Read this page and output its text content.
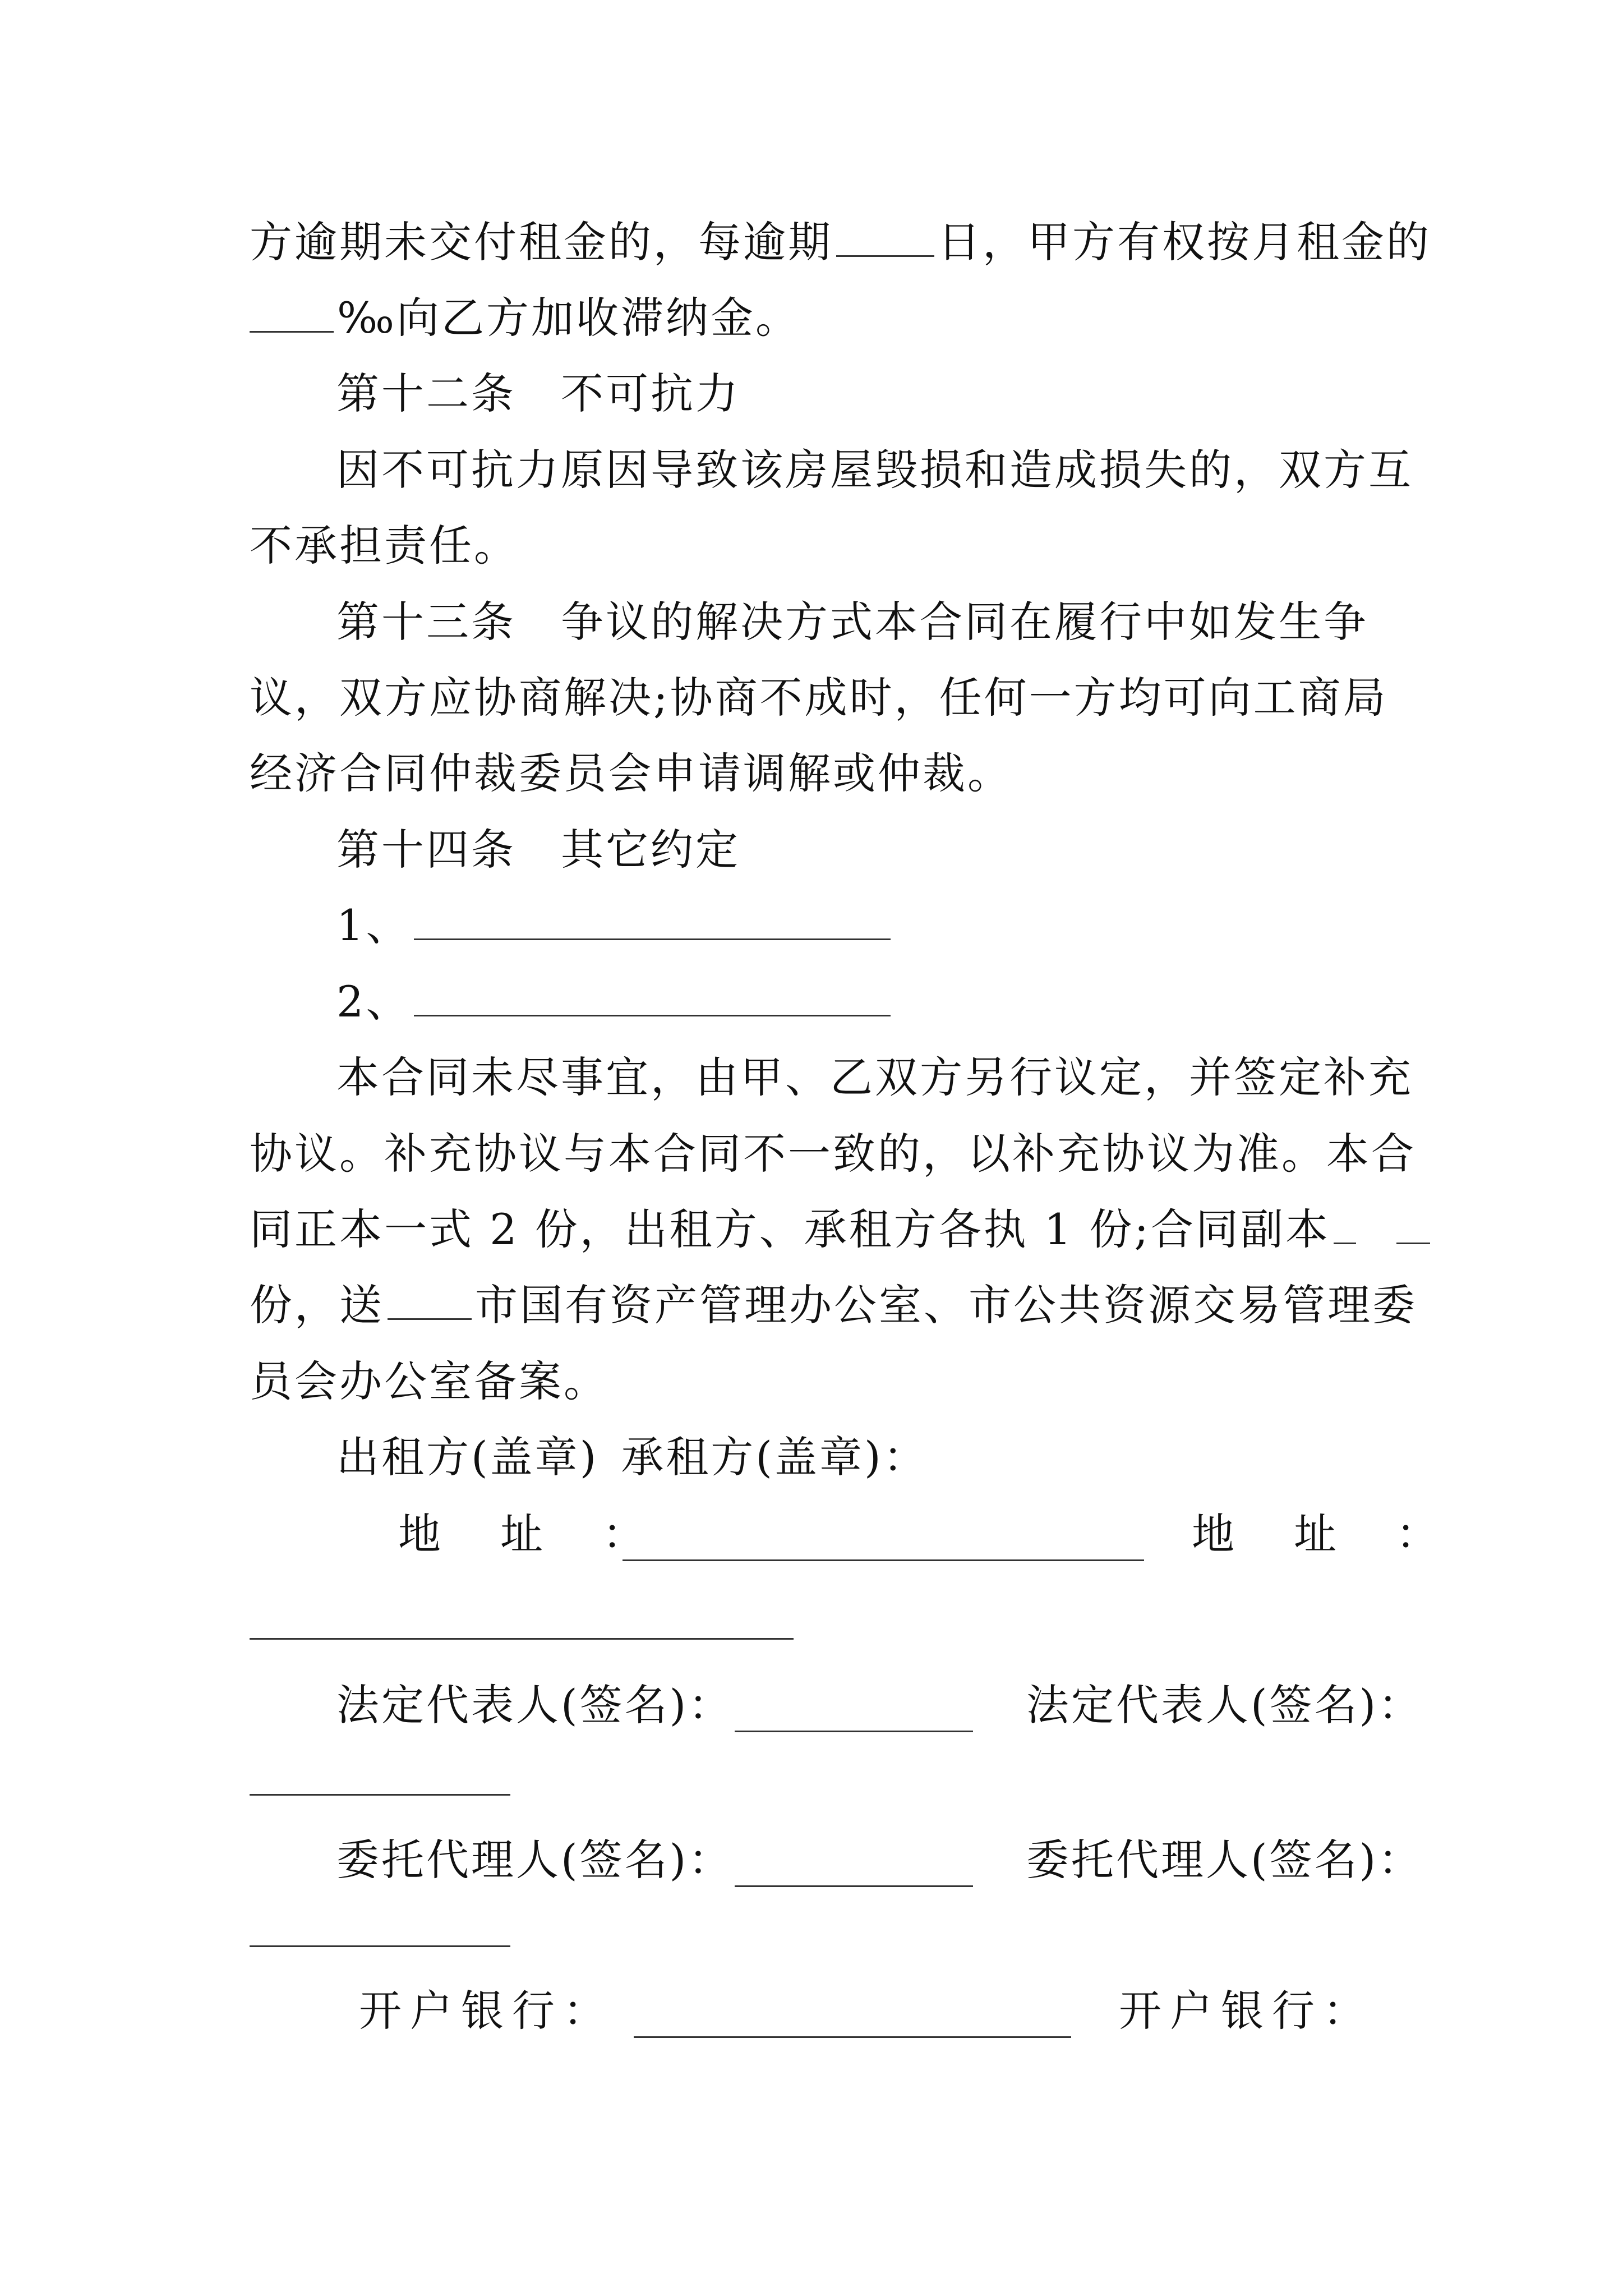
方逾期未交付租金的，每逾期 日，甲方有权按月租金的
‰向乙方加收滞纳金。
第十二条　不可抗力
因不可抗力原因导致该房屋毁损和造成损失的，双方互
不承担责任。
第十三条　争议的解决方式本合同在履行中如发生争
议，双方应协商解决;协商不成时，任何一方均可向工商局
经济合同仲裁委员会申请调解或仲裁。
第十四条　其它约定
1、
2、
本合同未尽事宜，由甲、乙双方另行议定，并签定补充
协议。补充协议与本合同不一致的，以补充协议为准。本合
同正本一式 2 份，出租方、承租方各执 1 份;合同副本
份，送 市国有资产管理办公室、市公共资源交易管理委
员会办公室备案。
出租方(盖章) 承租方(盖章)：
地　址　：	地　址　：
法定代表人(签名)：	法定代表人(签名)：
委托代理人(签名)：	委托代理人(签名)：
开户银行：	开户银行：
